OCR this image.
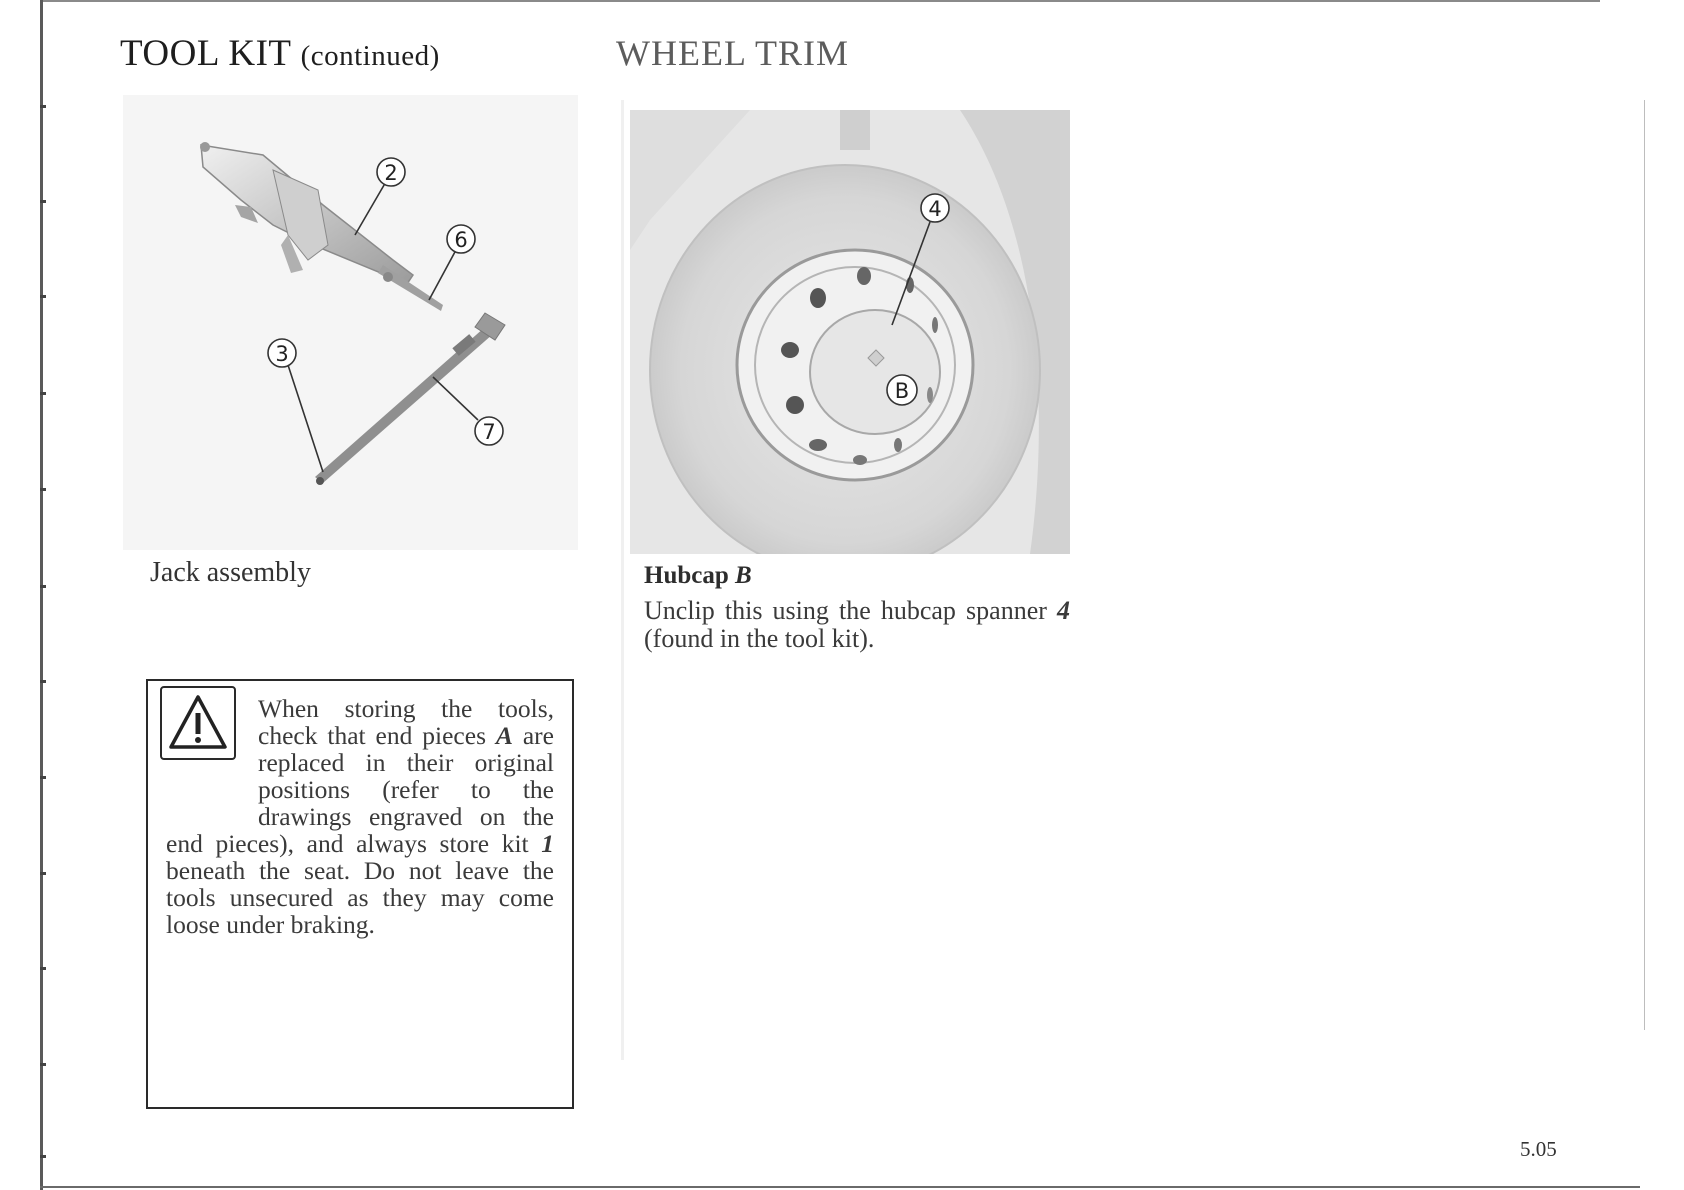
TOOL KIT (continued)
2
6
3
7

Jack assembly

When storing the tools, check that end pieces A are replaced in their original positions (refer to the drawings engraved on the end pieces), and always store kit 1 beneath the seat. Do not leave the tools unsecured as they may come loose under braking.

WHEEL TRIM
4
B

Hubcap B

Unclip this using the hubcap spanner 4 (found in the tool kit).

5.05
